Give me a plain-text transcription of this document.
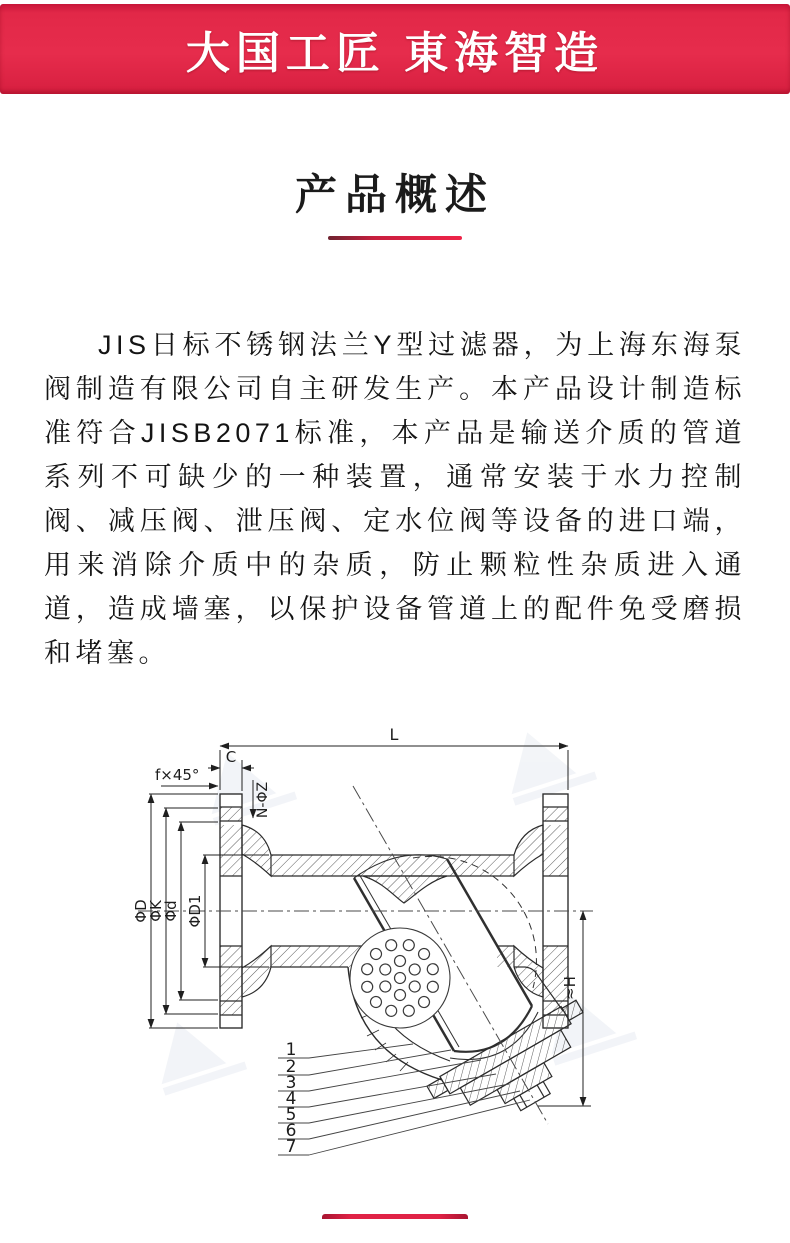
大国工匠 東海智造
产品概述

JIS日标不锈钢法兰Y型过滤器，为上海东海泵阀制造有限公司自主研发生产。本产品设计制造标准符合JISB2071标准，本产品是输送介质的管道系列不可缺少的一种装置，通常安装于水力控制阀、减压阀、泄压阀、定水位阀等设备的进口端，用来消除介质中的杂质，防止颗粒性杂质进入通道，造成墙塞，以保护设备管道上的配件免受磨损和堵塞。

L
C
f×45°
N-ΦZ
ΦD
ΦK
Φd ΦD1
≈H
1
2
3
4
5
6
7
